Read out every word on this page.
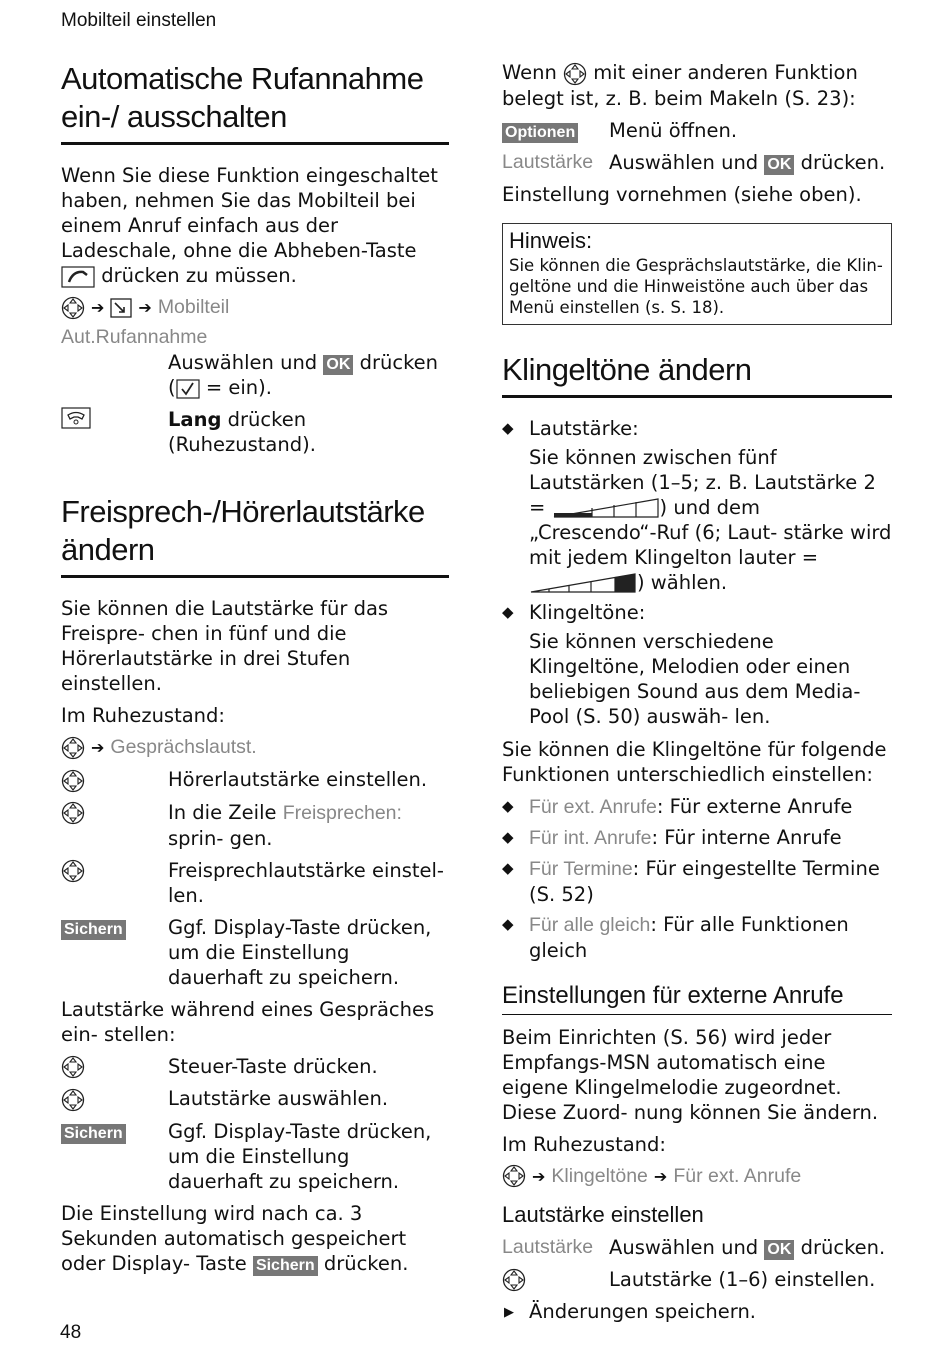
Mobilteil einstellen
Automatische Rufannahme ein-/ ausschalten

Wenn Sie diese Funktion eingeschaltet haben, nehmen Sie das Mobilteil bei einem Anruf einfach aus der Ladeschale, ohne die Abheben-Taste  drücken zu müssen.

➔ ➔ Mobilteil
Aut.Rufannahme
Auswählen und OK drücken
( = ein).
Lang drücken (Ruhezustand).
Freisprech-/Hörerlautstärke ändern

Sie können die Lautstärke für das Freispre- chen in fünf und die Hörerlautstärke in drei Stufen einstellen.

Im Ruhezustand:

➔ Gesprächslautst.
Hörerlautstärke einstellen.
In die Zeile Freisprechen: sprin- gen.
Freisprechlautstärke einstel- len.
Sichern	Ggf. Display-Taste drücken, um die Einstellung dauerhaft zu speichern.

Lautstärke während eines Gespräches ein- stellen:

Steuer-Taste drücken.
Lautstärke auswählen.
Sichern	Ggf. Display-Taste drücken, um die Einstellung dauerhaft zu speichern.

Die Einstellung wird nach ca. 3 Sekunden automatisch gespeichert oder Display- Taste Sichern drücken.

Wenn mit einer anderen Funktion belegt ist, z. B. beim Makeln (S. 23):

Optionen	Menü öffnen.
Lautstärke Auswählen und OK drücken.

Einstellung vornehmen (siehe oben).

Hinweis:
Sie können die Gesprächslautstärke, die Klin- geltöne und die Hinweistöne auch über das Menü einstellen (s. S. 18).
Klingeltöne ändern
◆ Lautstärke:
Sie können zwischen fünf Lautstärken (1–5; z. B. Lautstärke 2 =	) und dem „Crescendo“-Ruf (6; Laut- stärke wird mit jedem Klingelton lauter = ) wählen.
◆ Klingeltöne:
Sie können verschiedene Klingeltöne, Melodien oder einen beliebigen Sound aus dem Media-Pool (S. 50) auswäh- len.

Sie können die Klingeltöne für folgende Funktionen unterschiedlich einstellen:

◆ Für ext. Anrufe: Für externe Anrufe
◆ Für int. Anrufe: Für interne Anrufe
◆ Für Termine: Für eingestellte Termine (S. 52)
◆ Für alle gleich: Für alle Funktionen gleich
Einstellungen für externe Anrufe

Beim Einrichten (S. 56) wird jeder Empfangs-MSN automatisch eine eigene Klingelmelodie zugeordnet. Diese Zuord- nung können Sie ändern.

Im Ruhezustand:

➔ Klingeltöne ➔ Für ext. Anrufe
Lautstärke einstellen
Lautstärke Auswählen und OK drücken.
Lautstärke (1–6) einstellen.
▶ Änderungen speichern.
48
